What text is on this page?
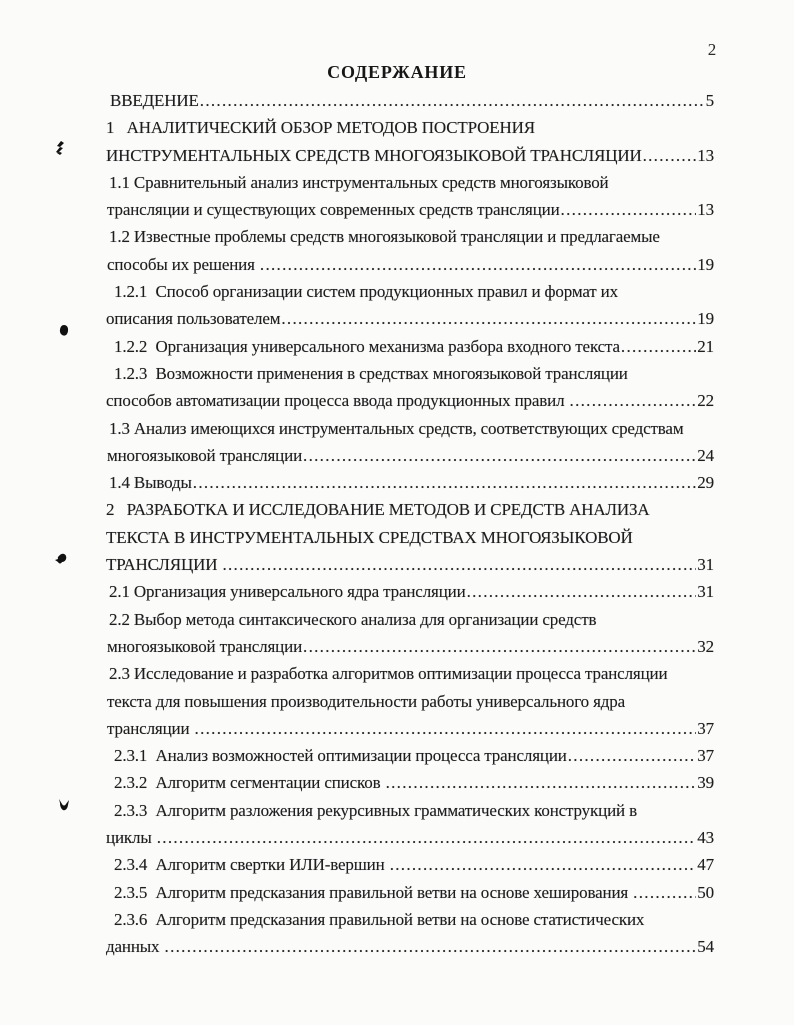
2
СОДЕРЖАНИЕ
ВВЕДЕНИЕ .....	5
1   АНАЛИТИЧЕСКИЙ ОБЗОР МЕТОДОВ ПОСТРОЕНИЯ
ИНСТРУМЕНТАЛЬНЫХ СРЕДСТВ МНОГОЯЗЫКОВОЙ ТРАНСЛЯЦИИ .....	13
1.1 Сравнительный анализ инструментальных средств многоязыковой
трансляции и существующих современных средств трансляции .....	13
1.2 Известные проблемы средств многоязыковой трансляции и предлагаемые
способы их решения .....	19
1.2.1  Способ организации систем продукционных правил и формат их
описания пользователем .....	19
1.2.2  Организация универсального механизма разбора входного текста .....	21
1.2.3  Возможности применения в средствах многоязыковой трансляции
способов автоматизации процесса ввода продукционных правил .....	22
1.3 Анализ имеющихся инструментальных средств, соответствующих средствам
многоязыковой трансляции .....	24
1.4 Выводы .....	29
2   РАЗРАБОТКА И ИССЛЕДОВАНИЕ МЕТОДОВ И СРЕДСТВ АНАЛИЗА
ТЕКСТА В ИНСТРУМЕНТАЛЬНЫХ СРЕДСТВАХ МНОГОЯЗЫКОВОЙ
ТРАНСЛЯЦИИ .....	31
2.1 Организация универсального ядра трансляции .....	31
2.2 Выбор метода синтаксического анализа для организации средств
многоязыковой трансляции .....	32
2.3 Исследование и разработка алгоритмов оптимизации процесса трансляции
текста для повышения производительности работы универсального ядра
трансляции .....	37
2.3.1  Анализ возможностей оптимизации процесса трансляции .....	37
2.3.2  Алгоритм сегментации списков .....	39
2.3.3  Алгоритм разложения рекурсивных грамматических конструкций в
циклы .....	43
2.3.4  Алгоритм свертки ИЛИ-вершин .....	47
2.3.5  Алгоритм предсказания правильной ветви на основе хеширования .....	50
2.3.6  Алгоритм предсказания правильной ветви на основе статистических
данных .....	54
